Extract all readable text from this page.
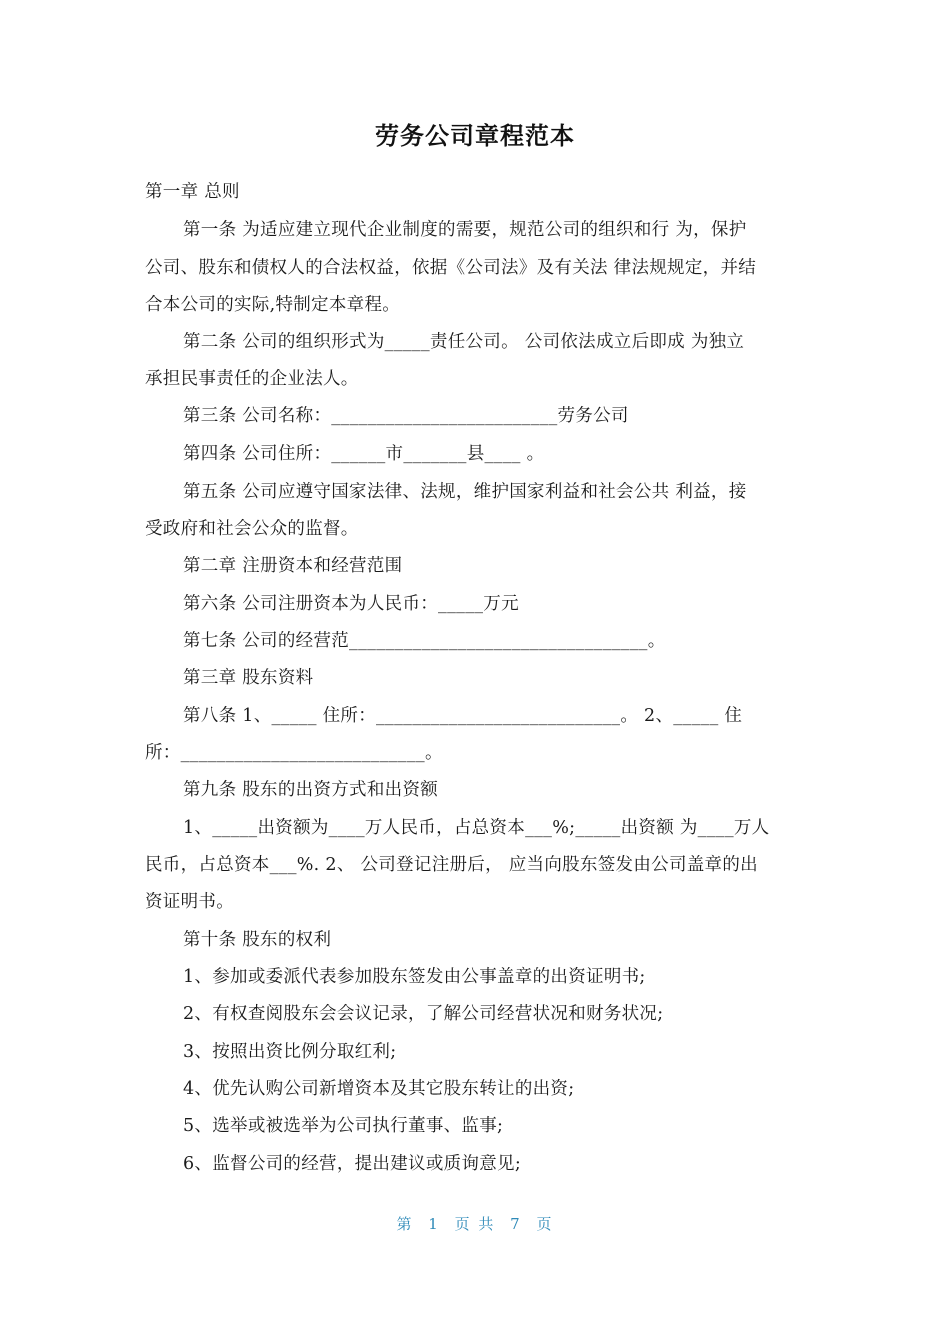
劳务公司章程范本
第一章 总则
第一条 为适应建立现代企业制度的需要，规范公司的组织和行 为，保护
公司、股东和债权人的合法权益，依据《公司法》及有关法 律法规规定，并结
合本公司的实际,特制定本章程。
第二条 公司的组织形式为_____责任公司。 公司依法成立后即成 为独立
承担民事责任的企业法人。
第三条 公司名称：_________________________劳务公司
第四条 公司住所：______市_______县____ 。
第五条 公司应遵守国家法律、法规，维护国家利益和社会公共 利益，接
受政府和社会公众的监督。
第二章 注册资本和经营范围
第六条 公司注册资本为人民币：_____万元
第七条 公司的经营范_________________________________。
第三章 股东资料
第八条 1、_____ 住所：___________________________。 2、_____ 住
所：___________________________。
第九条 股东的出资方式和出资额
1、_____出资额为____万人民币，占总资本___%;_____出资额 为____万人
民币，占总资本___%. 2、 公司登记注册后， 应当向股东签发由公司盖章的出
资证明书。
第十条 股东的权利
1、参加或委派代表参加股东签发由公事盖章的出资证明书;
2、有权查阅股东会会议记录，了解公司经营状况和财务状况;
3、按照出资比例分取红利;
4、优先认购公司新增资本及其它股东转让的出资;
5、选举或被选举为公司执行董事、监事;
6、监督公司的经营，提出建议或质询意见;
第 1 页 共 7 页
